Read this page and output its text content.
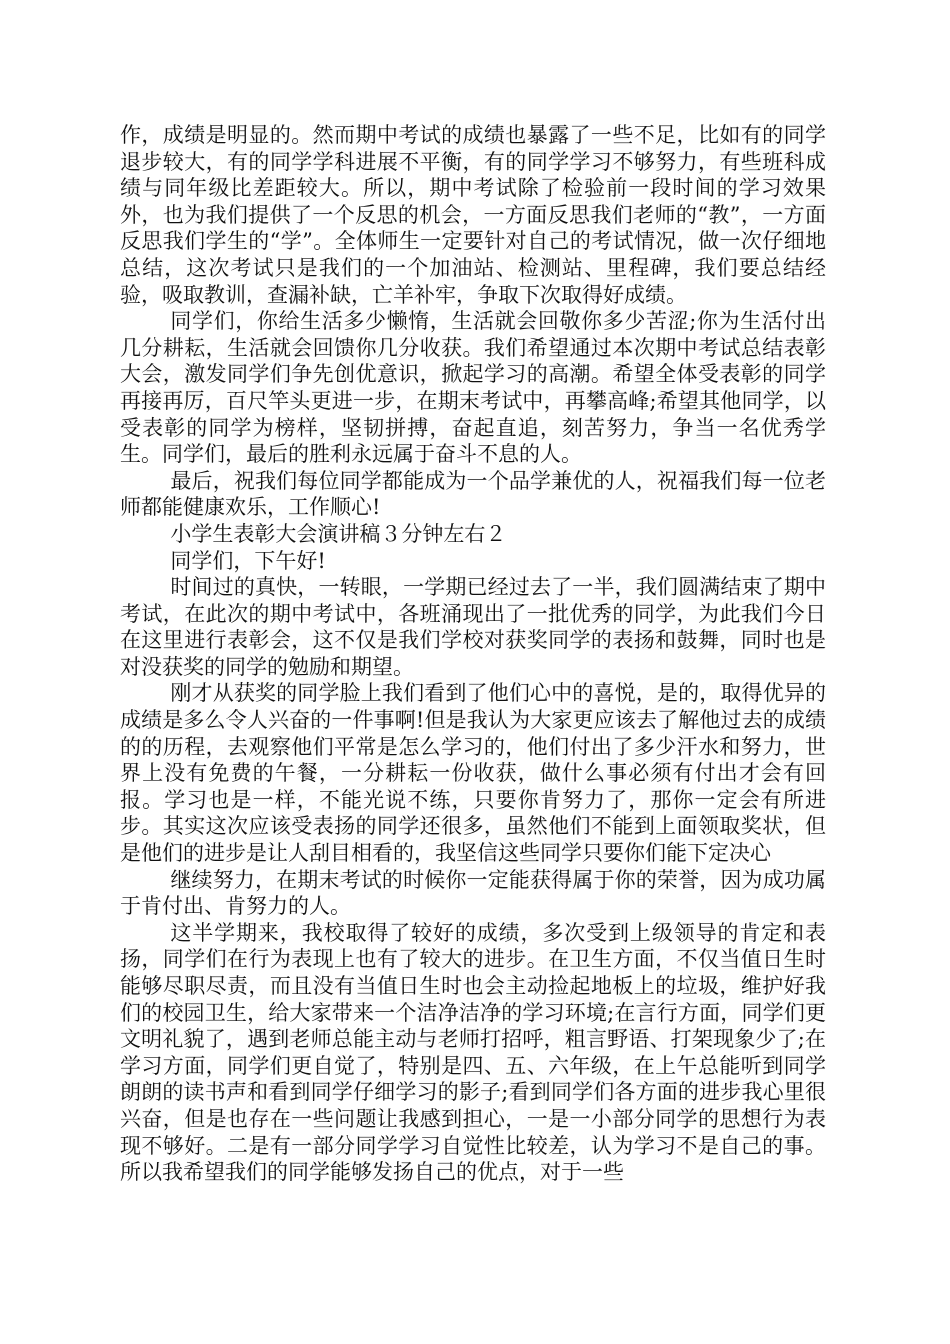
作，成绩是明显的。然而期中考试的成绩也暴露了一些不足，比如有的同学退步较大，有的同学学科进展不平衡，有的同学学习不够努力，有些班科成绩与同年级比差距较大。所以，期中考试除了检验前一段时间的学习效果外，也为我们提供了一个反思的机会，一方面反思我们老师的“教”，一方面反思我们学生的“学”。全体师生一定要针对自己的考试情况，做一次仔细地总结，这次考试只是我们的一个加油站、检测站、里程碑，我们要总结经验，吸取教训，查漏补缺，亡羊补牢，争取下次取得好成绩。

同学们，你给生活多少懒惰，生活就会回敬你多少苦涩;你为生活付出几分耕耘，生活就会回馈你几分收获。我们希望通过本次期中考试总结表彰大会，激发同学们争先创优意识，掀起学习的高潮。希望全体受表彰的同学再接再厉，百尺竿头更进一步，在期末考试中，再攀高峰;希望其他同学，以受表彰的同学为榜样，坚韧拼搏，奋起直追，刻苦努力，争当一名优秀学生。同学们，最后的胜利永远属于奋斗不息的人。

最后，祝我们每位同学都能成为一个品学兼优的人，祝福我们每一位老师都能健康欢乐，工作顺心!

小学生表彰大会演讲稿３分钟左右２

同学们，下午好!

时间过的真快，一转眼，一学期已经过去了一半，我们圆满结束了期中考试，在此次的期中考试中，各班涌现出了一批优秀的同学，为此我们今日在这里进行表彰会，这不仅是我们学校对获奖同学的表扬和鼓舞，同时也是对没获奖的同学的勉励和期望。

刚才从获奖的同学脸上我们看到了他们心中的喜悦，是的，取得优异的成绩是多么令人兴奋的一件事啊!但是我认为大家更应该去了解他过去的成绩的的历程，去观察他们平常是怎么学习的，他们付出了多少汗水和努力，世界上没有免费的午餐，一分耕耘一份收获，做什么事必须有付出才会有回报。学习也是一样，不能光说不练，只要你肯努力了，那你一定会有所进步。其实这次应该受表扬的同学还很多，虽然他们不能到上面领取奖状，但是他们的进步是让人刮目相看的，我坚信这些同学只要你们能下定决心

继续努力，在期末考试的时候你一定能获得属于你的荣誉，因为成功属于肯付出、肯努力的人。

这半学期来，我校取得了较好的成绩，多次受到上级领导的肯定和表扬，同学们在行为表现上也有了较大的进步。在卫生方面，不仅当值日生时能够尽职尽责，而且没有当值日生时也会主动捡起地板上的垃圾，维护好我们的校园卫生，给大家带来一个洁净洁净的学习环境;在言行方面，同学们更文明礼貌了，遇到老师总能主动与老师打招呼，粗言野语、打架现象少了;在学习方面，同学们更自觉了，特别是四、五、六年级，在上午总能听到同学朗朗的读书声和看到同学仔细学习的影子;看到同学们各方面的进步我心里很兴奋，但是也存在一些问题让我感到担心，一是一小部分同学的思想行为表现不够好。二是有一部分同学学习自觉性比较差，认为学习不是自己的事。所以我希望我们的同学能够发扬自己的优点，对于一些
